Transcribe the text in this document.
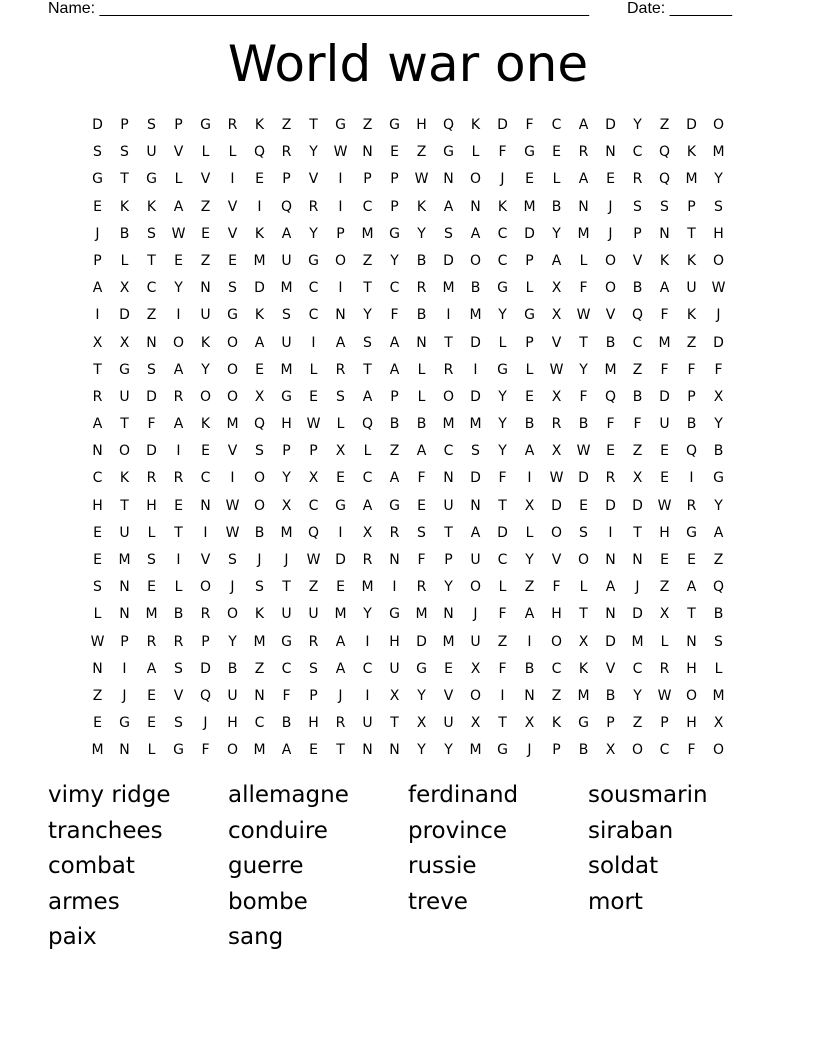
Name: _______________________________________________________ Date: _______
World war one
D	P	S	P	G	R	K	Z	T	G	Z	G	H	Q	K	D	F	C	A	D	Y	Z	D	O
S	S	U	V	L	L	Q	R	Y	W	N	E	Z	G	L	F	G	E	R	N	C	Q	K	M
G	T	G	L	V	I	E	P	V	I	P	P	W	N	O	J	E	L	A	E	R	Q	M	Y
E	K	K	A	Z	V	I	Q	R	I	C	P	K	A	N	K	M	B	N	J	S	S	P	S
J	B	S	W	E	V	K	A	Y	P	M	G	Y	S	A	C	D	Y	M	J	P	N	T	H
P	L	T	E	Z	E	M	U	G	O	Z	Y	B	D	O	C	P	A	L	O	V	K	K	O
A	X	C	Y	N	S	D	M	C	I	T	C	R	M	B	G	L	X	F	O	B	A	U	W
I	D	Z	I	U	G	K	S	C	N	Y	F	B	I	M	Y	G	X	W	V	Q	F	K	J
X	X	N	O	K	O	A	U	I	A	S	A	N	T	D	L	P	V	T	B	C	M	Z	D
T	G	S	A	Y	O	E	M	L	R	T	A	L	R	I	G	L	W	Y	M	Z	F	F	F
R	U	D	R	O	O	X	G	E	S	A	P	L	O	D	Y	E	X	F	Q	B	D	P	X
A	T	F	A	K	M	Q	H	W	L	Q	B	B	M	M	Y	B	R	B	F	F	U	B	Y
N	O	D	I	E	V	S	P	P	X	L	Z	A	C	S	Y	A	X	W	E	Z	E	Q	B
C	K	R	R	C	I	O	Y	X	E	C	A	F	N	D	F	I	W	D	R	X	E	I	G
H	T	H	E	N	W	O	X	C	G	A	G	E	U	N	T	X	D	E	D	D	W	R	Y
E	U	L	T	I	W	B	M	Q	I	X	R	S	T	A	D	L	O	S	I	T	H	G	A
E	M	S	I	V	S	J	J	W	D	R	N	F	P	U	C	Y	V	O	N	N	E	E	Z
S	N	E	L	O	J	S	T	Z	E	M	I	R	Y	O	L	Z	F	L	A	J	Z	A	Q
L	N	M	B	R	O	K	U	U	M	Y	G	M	N	J	F	A	H	T	N	D	X	T	B
W	P	R	R	P	Y	M	G	R	A	I	H	D	M	U	Z	I	O	X	D	M	L	N	S
N	I	A	S	D	B	Z	C	S	A	C	U	G	E	X	F	B	C	K	V	C	R	H	L
Z	J	E	V	Q	U	N	F	P	J	I	X	Y	V	O	I	N	Z	M	B	Y	W	O	M
E	G	E	S	J	H	C	B	H	R	U	T	X	U	X	T	X	K	G	P	Z	P	H	X
M	N	L	G	F	O	M	A	E	T	N	N	Y	Y	M	G	J	P	B	X	O	C	F	O
vimy ridge	allemagne	ferdinand	sousmarin
tranchees	conduire	province	siraban
combat	guerre	russie	soldat
armes	bombe	treve	mort
paix	sang
